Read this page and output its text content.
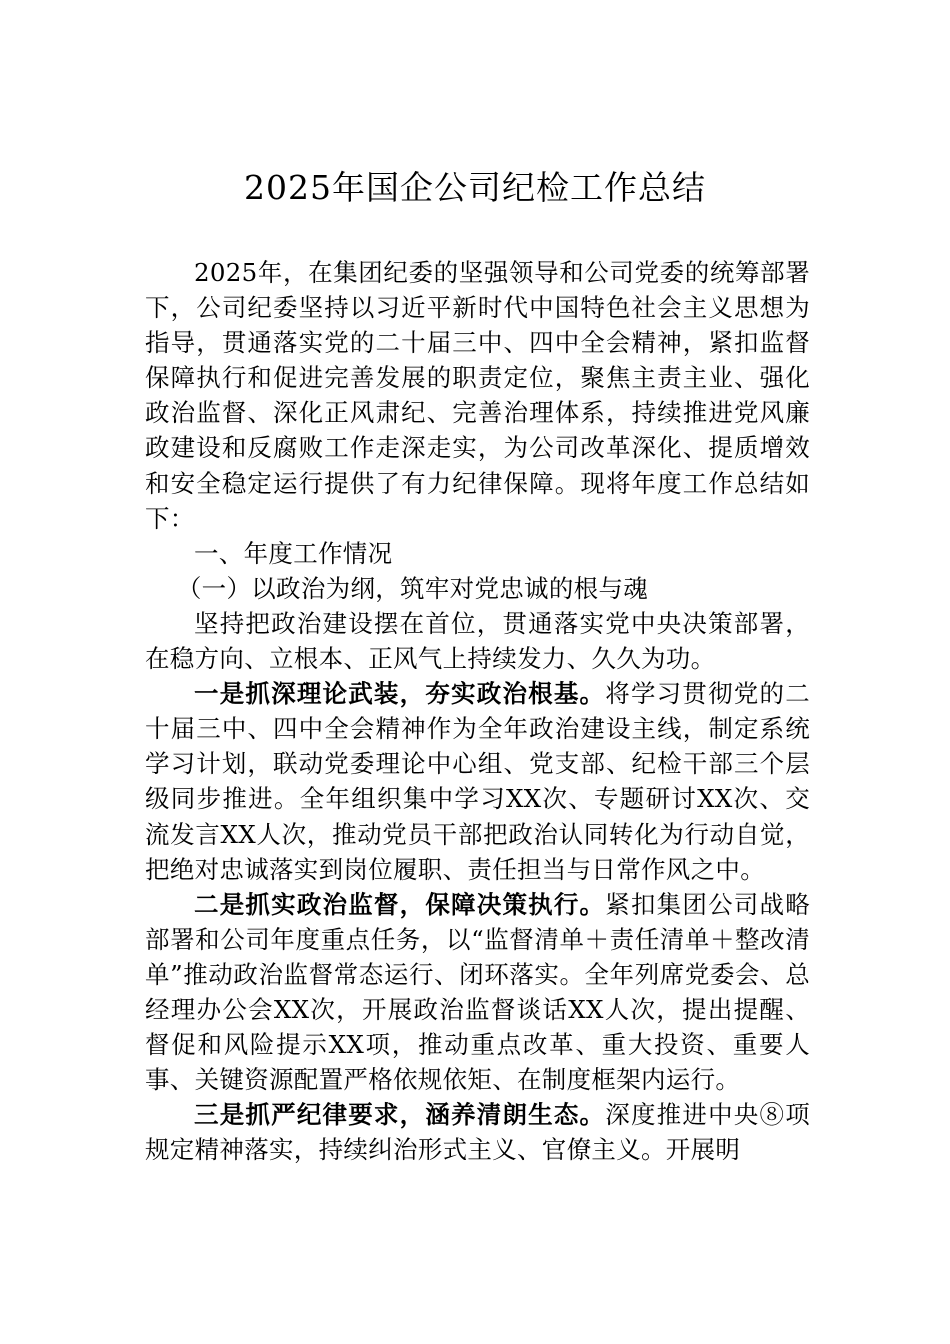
2025年国企公司纪检工作总结

2025年，在集团纪委的坚强领导和公司党委的统筹部署下，公司纪委坚持以习近平新时代中国特色社会主义思想为指导，贯通落实党的二十届三中、四中全会精神，紧扣监督保障执行和促进完善发展的职责定位，聚焦主责主业、强化政治监督、深化正风肃纪、完善治理体系，持续推进党风廉政建设和反腐败工作走深走实，为公司改革深化、提质增效和安全稳定运行提供了有力纪律保障。现将年度工作总结如下：

一、年度工作情况

（一）以政治为纲，筑牢对党忠诚的根与魂

坚持把政治建设摆在首位，贯通落实党中央决策部署，在稳方向、立根本、正风气上持续发力、久久为功。

一是抓深理论武装，夯实政治根基。将学习贯彻党的二十届三中、四中全会精神作为全年政治建设主线，制定系统学习计划，联动党委理论中心组、党支部、纪检干部三个层级同步推进。全年组织集中学习XX次、专题研讨XX次、交流发言XX人次，推动党员干部把政治认同转化为行动自觉，把绝对忠诚落实到岗位履职、责任担当与日常作风之中。

二是抓实政治监督，保障决策执行。紧扣集团公司战略部署和公司年度重点任务，以“监督清单＋责任清单＋整改清单”推动政治监督常态运行、闭环落实。全年列席党委会、总经理办公会XX次，开展政治监督谈话XX人次，提出提醒、督促和风险提示XX项，推动重点改革、重大投资、重要人事、关键资源配置严格依规依矩、在制度框架内运行。

三是抓严纪律要求，涵养清朗生态。深度推进中央⑧项规定精神落实，持续纠治形式主义、官僚主义。开展明
